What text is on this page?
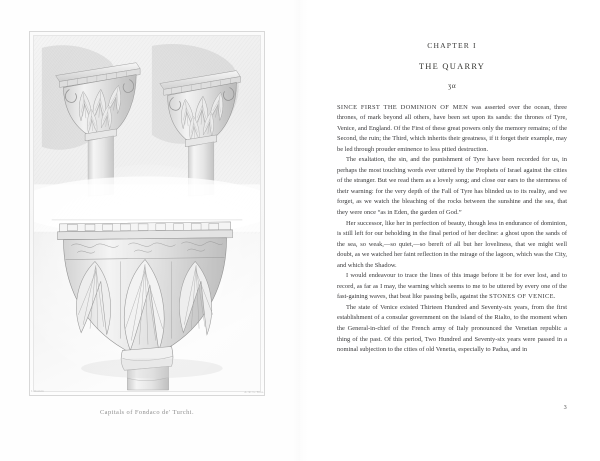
J. Ruskin	A. R. G. Bros.
Capitals of Fondaco de' Turchi.
CHAPTER I
THE QUARRY
ʒα

SINCE FIRST THE DOMINION OF MEN was asserted over the ocean, three thrones, of mark beyond all others, have been set upon its sands: the thrones of Tyre, Venice, and England. Of the First of these great powers only the memory remains; of the Second, the ruin; the Third, which inherits their greatness, if it forget their example, may be led through prouder eminence to less pitied destruction.

The exaltation, the sin, and the punishment of Tyre have been recorded for us, in perhaps the most touching words ever uttered by the Prophets of Israel against the cities of the stranger. But we read them as a lovely song; and close our ears to the sternness of their warning: for the very depth of the Fall of Tyre has blinded us to its reality, and we forget, as we watch the bleaching of the rocks between the sunshine and the sea, that they were once “as in Eden, the garden of God.”

Her successor, like her in perfection of beauty, though less in endurance of dominion, is still left for our beholding in the final period of her decline: a ghost upon the sands of the sea, so weak,—so quiet,—so bereft of all but her loveliness, that we might well doubt, as we watched her faint reflection in the mirage of the lagoon, which was the City, and which the Shadow.

I would endeavour to trace the lines of this image before it be for ever lost, and to record, as far as I may, the warning which seems to me to be uttered by every one of the fast-gaining waves, that beat like passing bells, against the STONES OF VENICE.

The state of Venice existed Thirteen Hundred and Seventy-six years, from the first establishment of a consular government on the island of the Rialto, to the moment when the General-in-chief of the French army of Italy pronounced the Venetian republic a thing of the past. Of this period, Two Hundred and Seventy-six years were passed in a nominal subjection to the cities of old Venetia, especially to Padua, and in

3
